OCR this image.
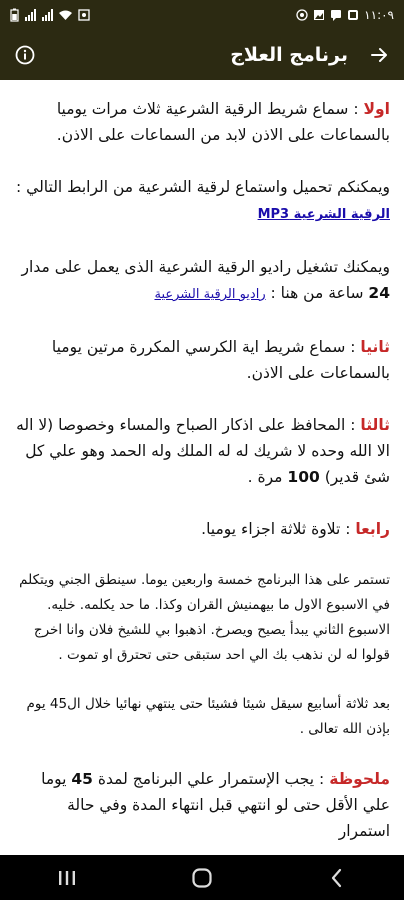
١١:٠٩
برنامج العلاج

اولا : سماع شريط الرقية الشرعية ثلاث مرات يوميا بالسماعات على الاذن لابد من السماعات على الاذن.

ويمكنكم تحميل واستماع لرقية الشرعية من الرابط التالي : الرقية الشرعية MP3

ويمكنك تشغيل راديو الرقية الشرعية الذى يعمل على مدار 24 ساعة من هنا : راديو الرقية الشرعية

ثانيا : سماع شريط اية الكرسي المكررة مرتين يوميا بالسماعات على الاذن.

ثالثا : المحافظ على اذكار الصباح والمساء وخصوصا (لا اله الا الله وحده لا شريك له له الملك وله الحمد وهو علي كل شئ قدير) 100 مرة .

رابعا : تلاوة ثلاثة اجزاء يوميا.

تستمر على هذا البرنامج خمسة واربعين يوما. سينطق الجني ويتكلم في الاسبوع الاول ما بيهمنيش القران وكذا. ما حد يكلمه. خليه. الاسبوع الثاني يبدأ يصيح ويصرخ. اذهبوا بي للشيخ فلان وانا اخرج قولوا له لن نذهب بك الي احد ستبقى حتى تحترق او تموت .

بعد ثلاثة أسابيع سيقل شيئا فشيئا حتى ينتهي نهائيا خلال ال45 يوم بإذن الله تعالى .

ملحوظة : يجب الإستمرار علي البرنامج لمدة 45 يوما علي الأقل حتى لو انتهي قبل انتهاء المدة وفي حالة استمرار
